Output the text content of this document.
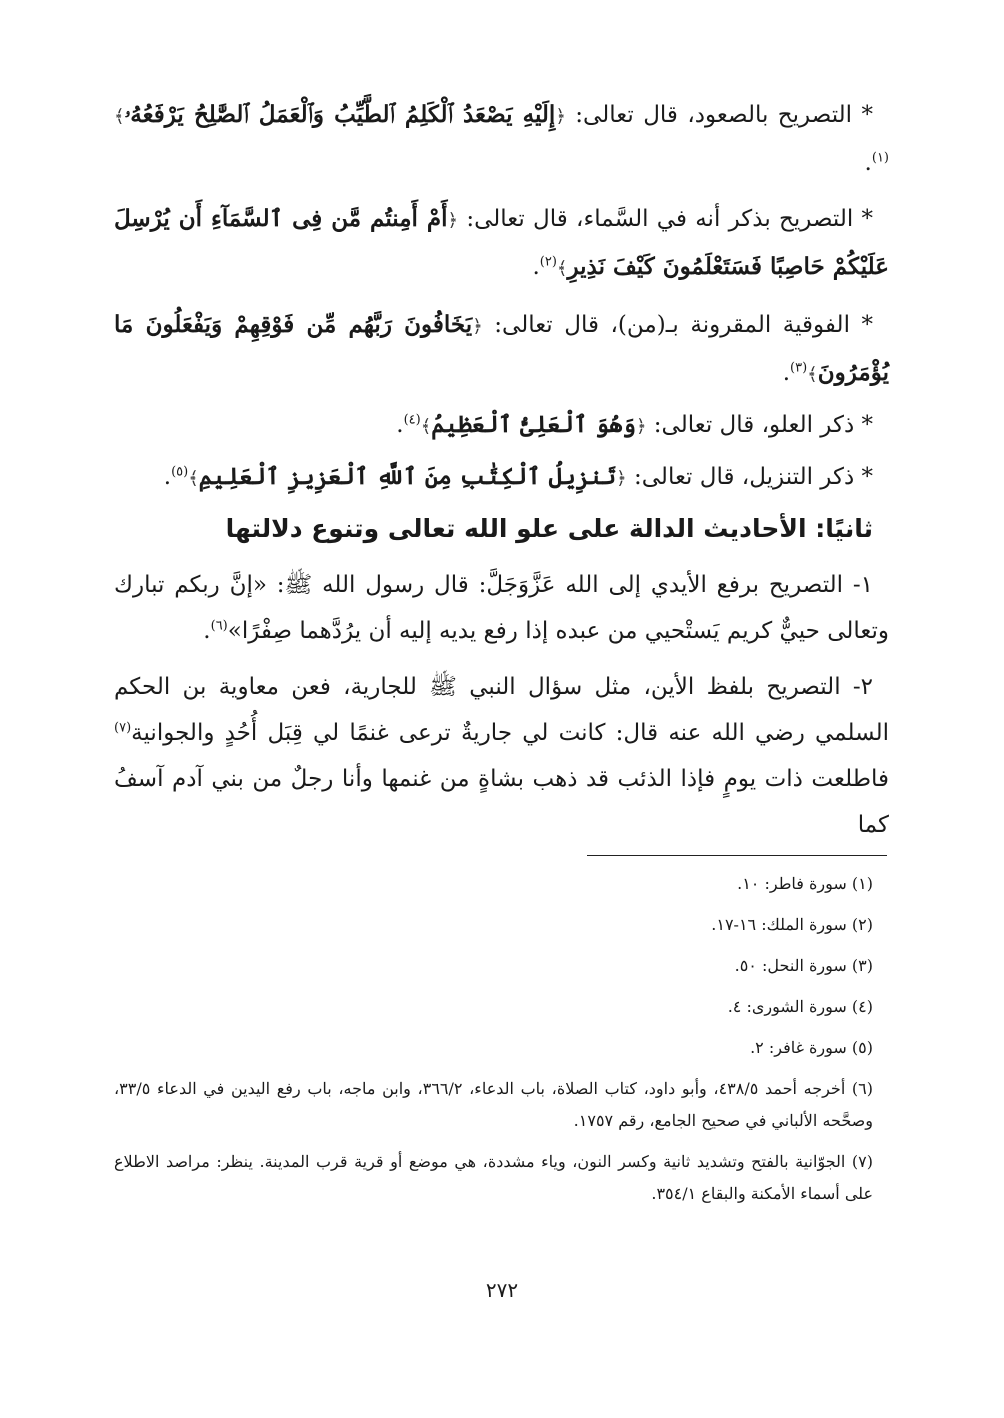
* التصريح بالصعود، قال تعالى: ﴿إِلَيْهِ يَصْعَدُ ٱلْكَلِمُ ٱلطَّيِّبُ وَٱلْعَمَلُ ٱلصَّٰلِحُ يَرْفَعُهُۥ﴾$^{(١)}$.

* التصريح بذكر أنه في السَّماء، قال تعالى: ﴿أَمْ أَمِنتُم مَّن فِى ٱلسَّمَآءِ أَن يُرْسِلَ عَلَيْكُمْ حَاصِبًا فَسَتَعْلَمُونَ كَيْفَ نَذِيرِ﴾$^{(٢)}$.

* الفوقية المقرونة بـ(من)، قال تعالى: ﴿يَخَافُونَ رَبَّهُم مِّن فَوْقِهِمْ وَيَفْعَلُونَ مَا يُؤْمَرُونَ﴾$^{(٣)}$.

* ذكر العلو، قال تعالى: ﴿وَهُوَ ٱلْعَلِىُّ ٱلْعَظِيمُ﴾$^{(٤)}$.

* ذكر التنزيل، قال تعالى: ﴿تَنزِيلُ ٱلْكِتَٰبِ مِنَ ٱللَّهِ ٱلْعَزِيزِ ٱلْعَلِيمِ﴾$^{(٥)}$.

ثانيًا: الأحاديث الدالة على علو الله تعالى وتنوع دلالتها

١- التصريح برفع الأيدي إلى الله عَزَّوَجَلَّ: قال رسول الله ﷺ: «إنَّ ربكم تبارك وتعالى حييٌّ كريم يَستْحيي من عبده إذا رفع يديه إليه أن يرُدَّهما صِفْرًا»$^{(٦)}$.

٢- التصريح بلفظ الأين، مثل سؤال النبي ﷺ للجارية، فعن معاوية بن الحكم السلمي رضي الله عنه قال: كانت لي جاريةٌ ترعى غنمًا لي قِبَل أُحُدٍ والجوانية$^{(٧)}$ فاطلعت ذات يومٍ فإذا الذئب قد ذهب بشاةٍ من غنمها وأنا رجلٌ من بني آدم آسفُ كما

(١) سورة فاطر: ١٠.

(٢) سورة الملك: ١٦-١٧.

(٣) سورة النحل: ٥٠.

(٤) سورة الشورى: ٤.

(٥) سورة غافر: ٢.

(٦) أخرجه أحمد ٤٣٨/٥، وأبو داود، كتاب الصلاة، باب الدعاء، ٣٦٦/٢، وابن ماجه، باب رفع اليدين في الدعاء ٣٣/٥، وصحَّحه الألباني في صحيح الجامع، رقم ١٧٥٧.

(٧) الجوّانية بالفتح وتشديد ثانية وكسر النون، وياء مشددة، هي موضع أو قرية قرب المدينة. ينظر: مراصد الاطلاع على أسماء الأمكنة والبقاع ٣٥٤/١.

٢٧٢
